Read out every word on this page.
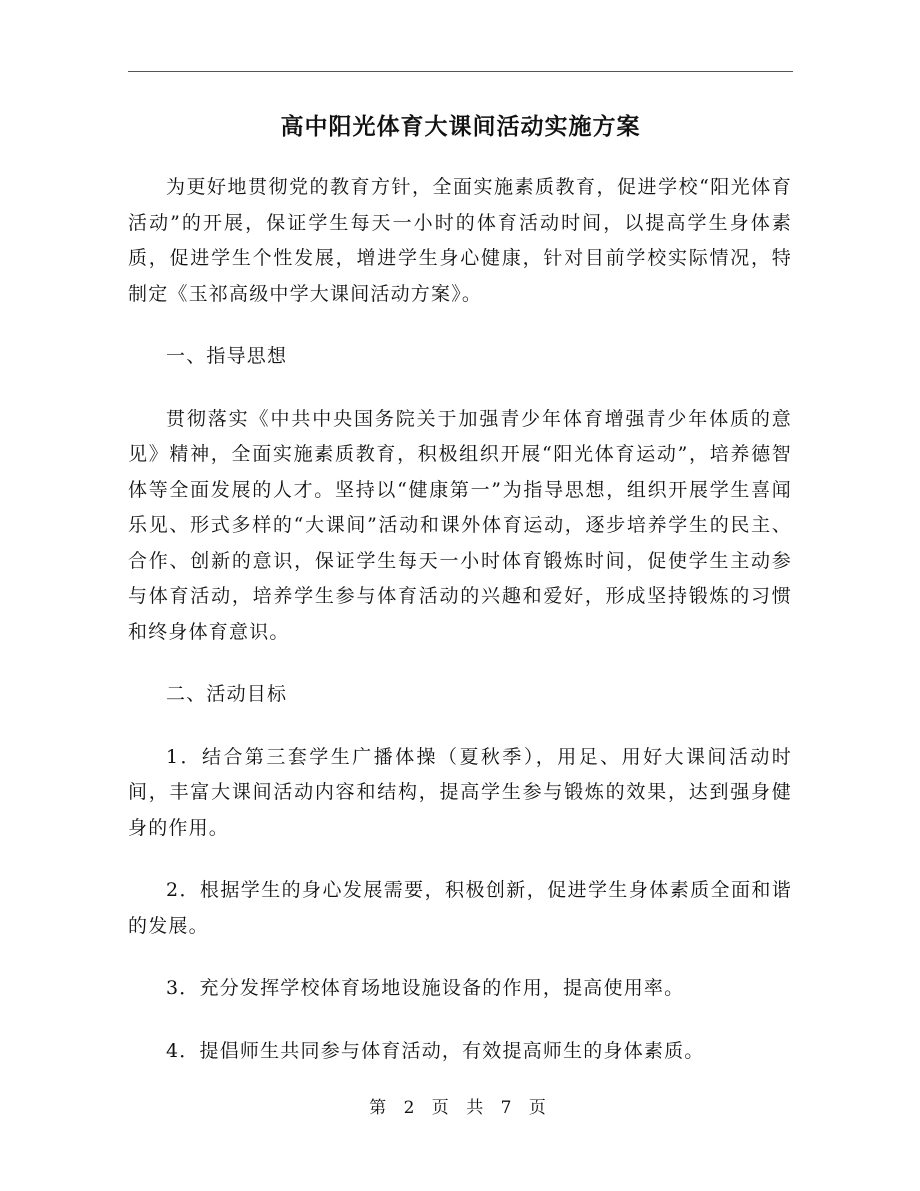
高中阳光体育大课间活动实施方案

为更好地贯彻党的教育方针，全面实施素质教育，促进学校“阳光体育活动”的开展，保证学生每天一小时的体育活动时间，以提高学生身体素质，促进学生个性发展，增进学生身心健康，针对目前学校实际情况，特制定《玉祁高级中学大课间活动方案》。

一、指导思想

贯彻落实《中共中央国务院关于加强青少年体育增强青少年体质的意见》精神，全面实施素质教育，积极组织开展“阳光体育运动”，培养德智体等全面发展的人才。坚持以“健康第一”为指导思想，组织开展学生喜闻乐见、形式多样的“大课间”活动和课外体育运动，逐步培养学生的民主、合作、创新的意识，保证学生每天一小时体育锻炼时间，促使学生主动参与体育活动，培养学生参与体育活动的兴趣和爱好，形成坚持锻炼的习惯和终身体育意识。

二、活动目标

1．结合第三套学生广播体操（夏秋季），用足、用好大课间活动时间，丰富大课间活动内容和结构，提高学生参与锻炼的效果，达到强身健身的作用。

2．根据学生的身心发展需要，积极创新，促进学生身体素质全面和谐的发展。

3．充分发挥学校体育场地设施设备的作用，提高使用率。

4．提倡师生共同参与体育活动，有效提高师生的身体素质。

第 2 页 共 7 页
